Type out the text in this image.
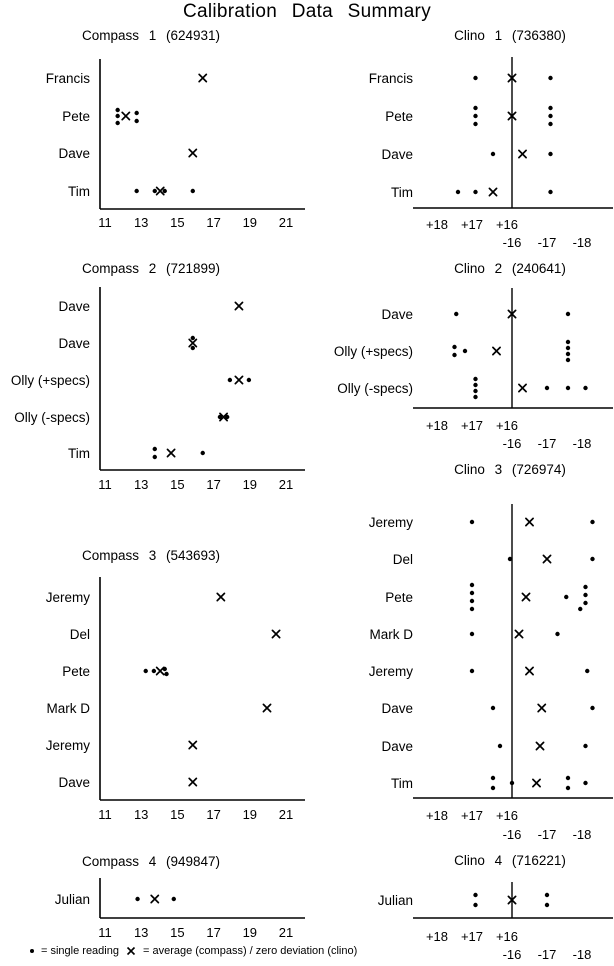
Calibration Data Summary
Compass 1 (624931)
11 13 15 17 19 21
Francis
Pete
Dave
Tim
Clino 1 (736380)
+18 +17 +16
-16 -17 -18
Francis
Pete
Dave
Tim
Compass 2 (721899)
11 13 15 17 19 21
Dave
Dave
Olly (+specs)
Olly (-specs)
Tim
Clino 2 (240641)
+18 +17 +16
-16 -17 -18
Dave
Olly (+specs)
Olly (-specs)
Compass 3 (543693)
11 13 15 17 19 21
Jeremy
Del
Pete
Mark D
Jeremy
Dave
Clino 3 (726974)
+18 +17 +16
-16 -17 -18
Jeremy
Del
Pete
Mark D
Jeremy
Dave
Dave
Tim
Compass 4 (949847)
11 13 15 17 19 21
Julian
Clino 4 (716221)
+18 +17 +16
-16 -17 -18
Julian
= single reading = average (compass) / zero deviation (clino)
